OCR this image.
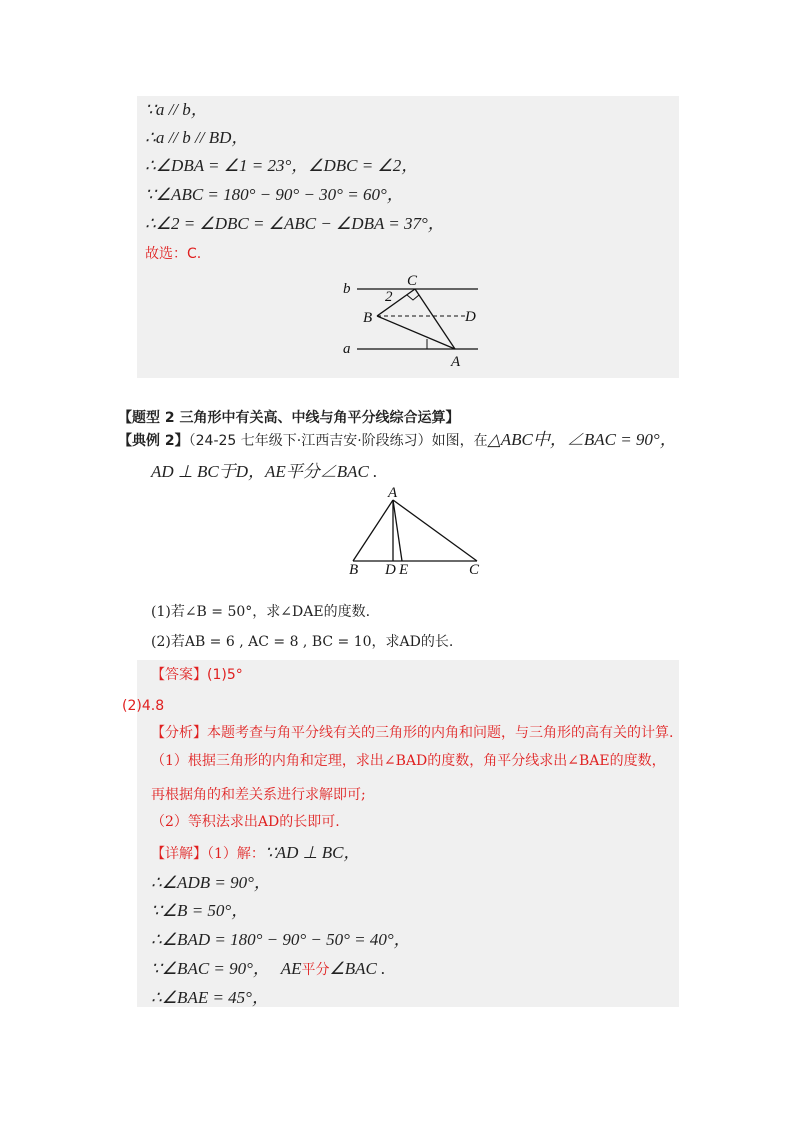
∵a // b，
∴a // b // BD，
∴∠DBA = ∠1 = 23°，∠DBC = ∠2，
∵∠ABC = 180° − 90° − 30° = 60°，
∴∠2 = ∠DBC = ∠ABC − ∠DBA = 37°，
故选：C.
b
a
C
2
B	D
A
【题型 2 三角形中有关高、中线与角平分线综合运算】
【典例 2】（24-25 七年级下·江西吉安·阶段练习）如图，在△ABC中，∠BAC = 90°，
AD ⊥ BC于D，AE平分∠BAC .
A
B D E	C
(1)若∠B = 50°，求∠DAE的度数.
(2)若AB = 6 , AC = 8 , BC = 10，求AD的长.
【答案】(1)5°
(2)4.8
【分析】本题考查与角平分线有关的三角形的内角和问题，与三角形的高有关的计算.
（1）根据三角形的内角和定理，求出∠BAD的度数，角平分线求出∠BAE的度数，
再根据角的和差关系进行求解即可;
（2）等积法求出AD的长即可.
【详解】（1）解：∵AD ⊥ BC，
∴∠ADB = 90°，
∵∠B = 50°，
∴∠BAD = 180° − 90° − 50° = 40°，
∵∠BAC = 90°， AE平分∠BAC .
∴∠BAE = 45°，
